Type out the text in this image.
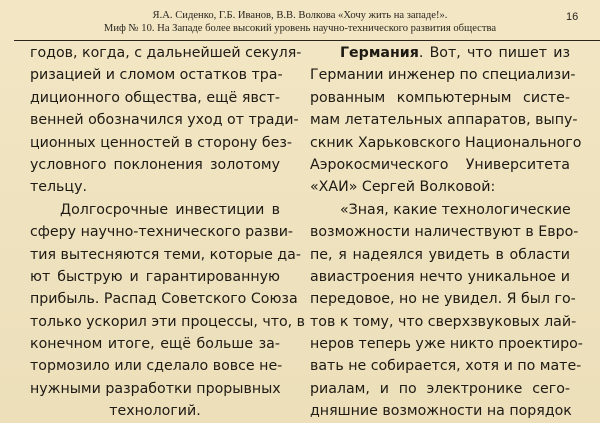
Я.А. Сиденко, Г.Б. Иванов, В.В. Волкова «Хочу жить на западе!».
Миф № 10. На Западе более высокий уровень научно-технического развития общества
16
годов, когда, с дальнейшей секуля-
ризацией и сломом остатков тра-
диционного общества, ещё явст-
венней обозначился уход от тради-
ционных ценностей в сторону без-
условного поклонения золотому
тельцу.
Долгосрочные инвестиции в
сферу научно-технического разви-
тия вытесняются теми, которые да-
ют быструю и гарантированную
прибыль. Распад Советского Союза
только ускорил эти процессы, что, в
конечном итоге, ещё больше за-
тормозило или сделало вовсе не-
нужными разработки прорывных
технологий.
Германия. Вот, что пишет из
Германии инженер по специализи-
рованным компьютерным систе-
мам летательных аппаратов, выпу-
скник Харьковского Национального
Аэрокосмического Университета
«ХАИ» Сергей Волковой:
«Зная, какие технологические
возможности наличествуют в Евро-
пе, я надеялся увидеть в области
авиастроения нечто уникальное и
передовое, но не увидел. Я был го-
тов к тому, что сверхзвуковых лай-
неров теперь уже никто проектиро-
вать не собирается, хотя и по мате-
риалам, и по электронике сего-
дняшние возможности на порядок
